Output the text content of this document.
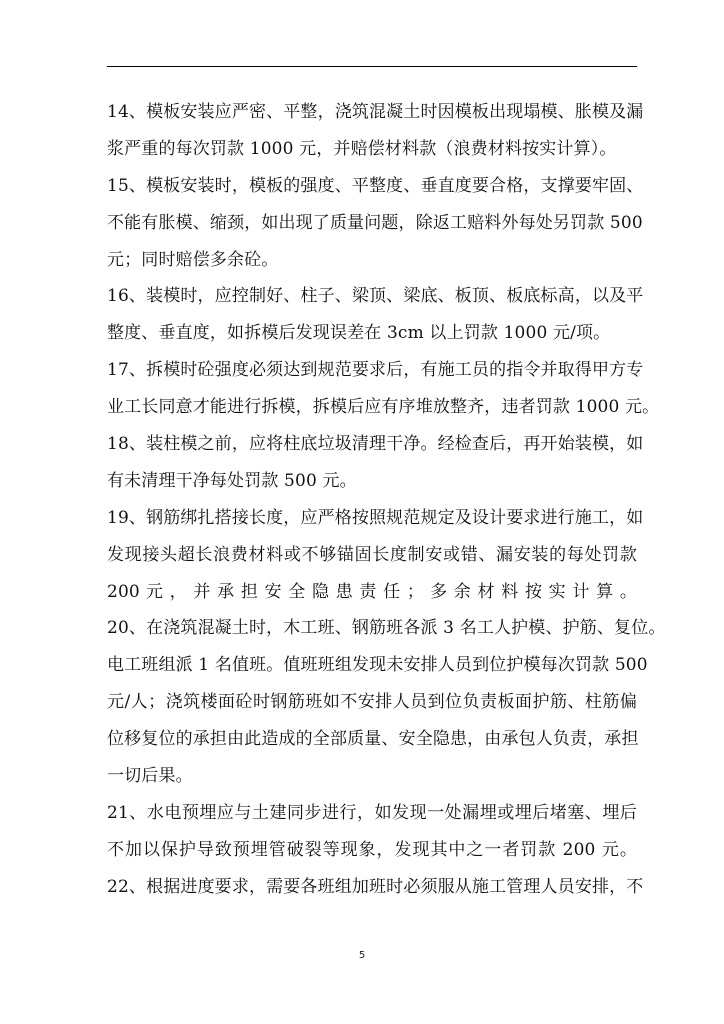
14、模板安装应严密、平整，浇筑混凝土时因模板出现塌模、胀模及漏
浆严重的每次罚款 1000 元，并赔偿材料款（浪费材料按实计算）。
15、模板安装时，模板的强度、平整度、垂直度要合格，支撑要牢固、
不能有胀模、缩颈，如出现了质量问题，除返工赔料外每处另罚款 500
元；同时赔偿多余砼。
16、装模时，应控制好、柱子、梁顶、梁底、板顶、板底标高，以及平
整度、垂直度，如拆模后发现误差在 3cm 以上罚款 1000 元/项。
17、拆模时砼强度必须达到规范要求后，有施工员的指令并取得甲方专
业工长同意才能进行拆模，拆模后应有序堆放整齐，违者罚款 1000 元。
18、装柱模之前，应将柱底垃圾清理干净。经检查后，再开始装模，如
有未清理干净每处罚款 500 元。
19、钢筋绑扎搭接长度，应严格按照规范规定及设计要求进行施工，如
发现接头超长浪费材料或不够锚固长度制安或错、漏安装的每处罚款
200 元 ， 并 承 担 安 全 隐 患 责 任 ； 多 余 材 料 按 实 计 算 。
20、在浇筑混凝土时，木工班、钢筋班各派 3 名工人护模、护筋、复位。
电工班组派 1 名值班。值班班组发现未安排人员到位护模每次罚款 500
元/人；浇筑楼面砼时钢筋班如不安排人员到位负责板面护筋、柱筋偏
位移复位的承担由此造成的全部质量、安全隐患，由承包人负责，承担
一切后果。
21、水电预埋应与土建同步进行，如发现一处漏埋或埋后堵塞、埋后
不加以保护导致预埋管破裂等现象，发现其中之一者罚款 200 元。
22、根据进度要求，需要各班组加班时必须服从施工管理人员安排，不
5
